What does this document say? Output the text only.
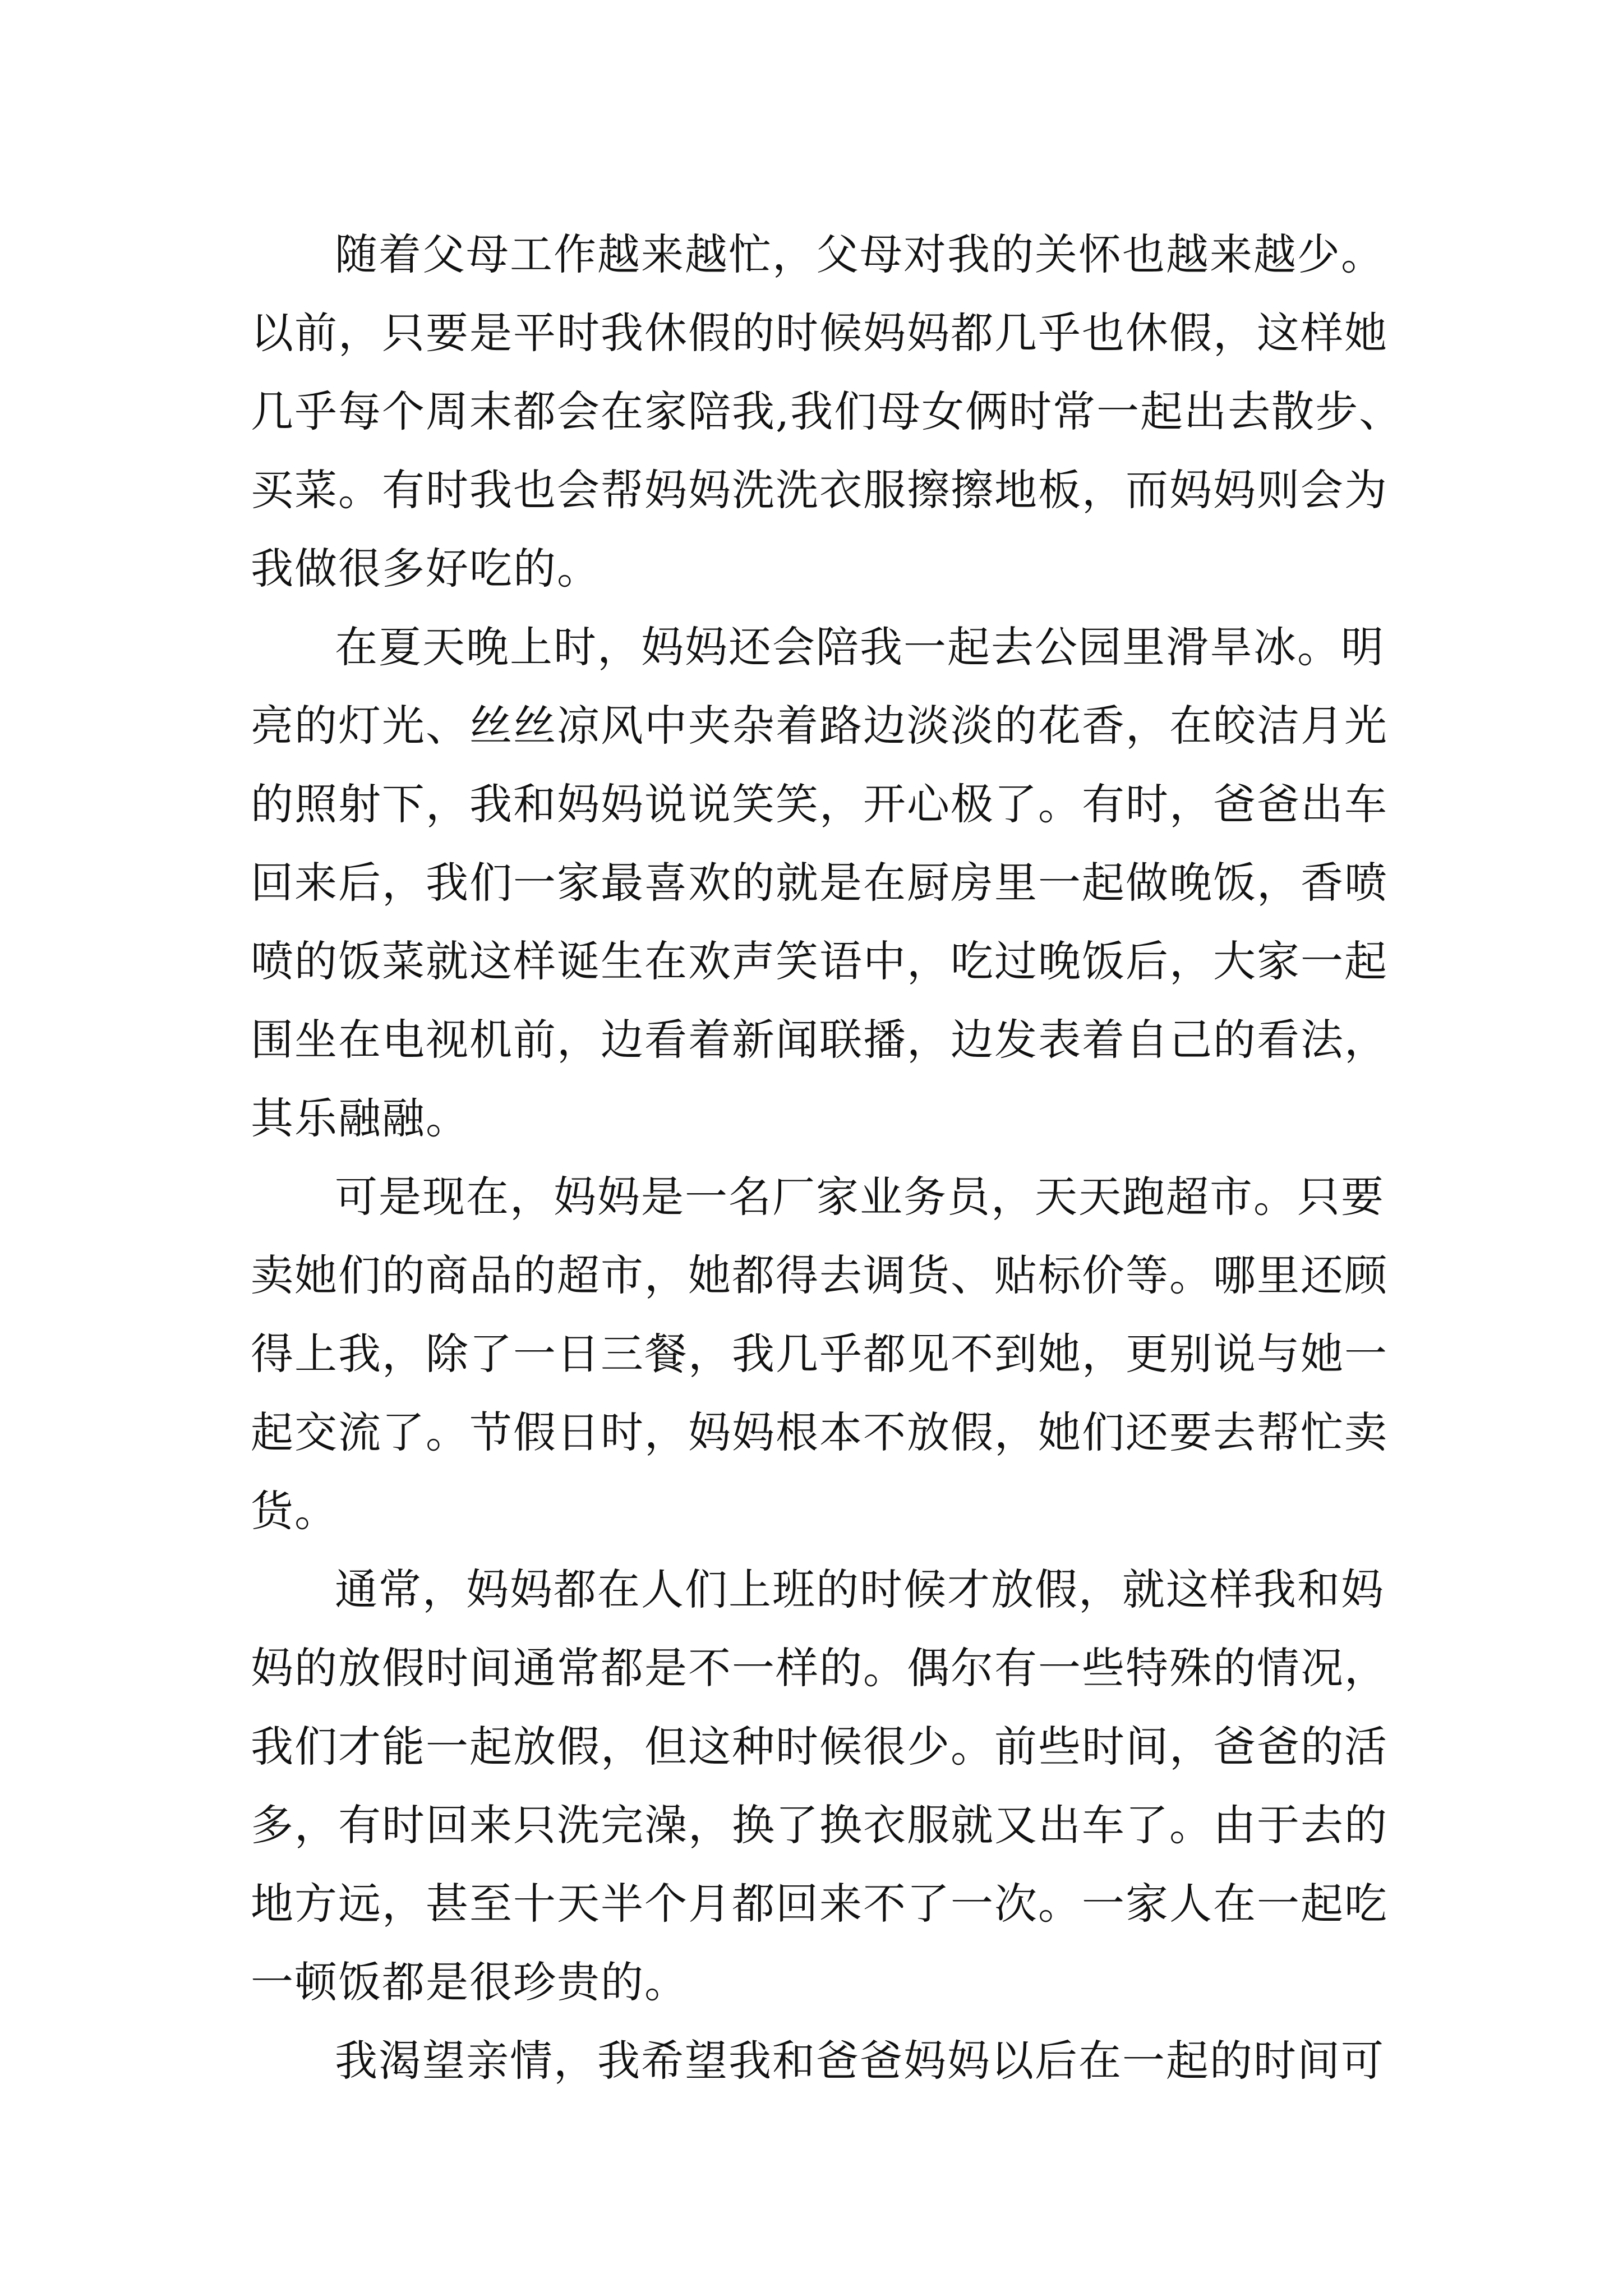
随着父母工作越来越忙，父母对我的关怀也越来越少。
以前，只要是平时我休假的时候妈妈都几乎也休假，这样她
几乎每个周末都会在家陪我,我们母女俩时常一起出去散步、
买菜。有时我也会帮妈妈洗洗衣服擦擦地板，而妈妈则会为
我做很多好吃的。
在夏天晚上时，妈妈还会陪我一起去公园里滑旱冰。明
亮的灯光、丝丝凉风中夹杂着路边淡淡的花香，在皎洁月光
的照射下，我和妈妈说说笑笑，开心极了。有时，爸爸出车
回来后，我们一家最喜欢的就是在厨房里一起做晚饭，香喷
喷的饭菜就这样诞生在欢声笑语中，吃过晚饭后，大家一起
围坐在电视机前，边看着新闻联播，边发表着自己的看法，
其乐融融。
可是现在，妈妈是一名厂家业务员，天天跑超市。只要
卖她们的商品的超市，她都得去调货、贴标价等。哪里还顾
得上我，除了一日三餐，我几乎都见不到她，更别说与她一
起交流了。节假日时，妈妈根本不放假，她们还要去帮忙卖
货。
通常，妈妈都在人们上班的时候才放假，就这样我和妈
妈的放假时间通常都是不一样的。偶尔有一些特殊的情况，
我们才能一起放假，但这种时候很少。前些时间，爸爸的活
多，有时回来只洗完澡，换了换衣服就又出车了。由于去的
地方远，甚至十天半个月都回来不了一次。一家人在一起吃
一顿饭都是很珍贵的。
我渴望亲情，我希望我和爸爸妈妈以后在一起的时间可
